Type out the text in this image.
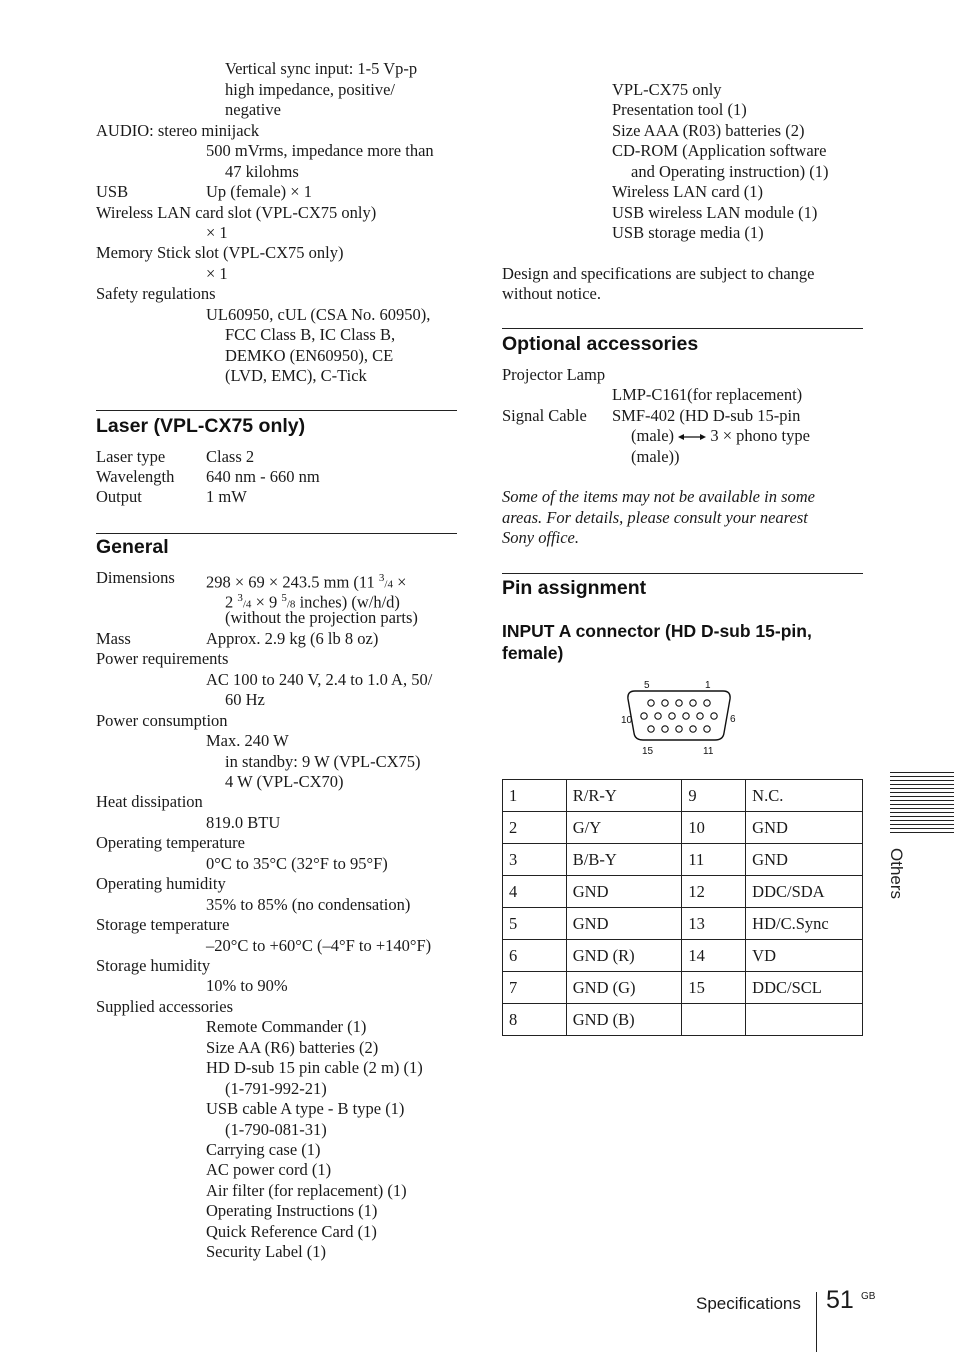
Vertical sync input: 1-5 Vp-p
high impedance, positive/
negative
AUDIO: stereo minijack
500 mVrms, impedance more than
47 kilohms
USB	Up (female) × 1
Wireless LAN card slot (VPL-CX75 only)
× 1
Memory Stick slot (VPL-CX75 only)
× 1
Safety regulations
UL60950, cUL (CSA No. 60950),
FCC Class B, IC Class B,
DEMKO (EN60950), CE
(LVD, EMC), C-Tick
Laser (VPL-CX75 only)
Laser type Class 2
Wavelength 640 nm - 660 nm
Output	1 mW
General
Dimensions 298 × 69 × 243.5 mm (11 $^3$/4 ×
2 $^3$/4 × 9 $^5$/8 inches) (w/h/d)
(without the projection parts)
Mass	Approx. 2.9 kg (6 lb 8 oz)
Power requirements
AC 100 to 240 V, 2.4 to 1.0 A, 50/
60 Hz
Power consumption
Max. 240 W
in standby: 9 W (VPL-CX75)
4 W (VPL-CX70)
Heat dissipation
819.0 BTU
Operating temperature
0°C to 35°C (32°F to 95°F)
Operating humidity
35% to 85% (no condensation)
Storage temperature
–20°C to +60°C (–4°F to +140°F)
Storage humidity
10% to 90%
Supplied accessories
Remote Commander (1)
Size AA (R6) batteries (2)
HD D-sub 15 pin cable (2 m) (1)
(1-791-992-21)
USB cable A type - B type (1)
(1-790-081-31)
Carrying case (1)
AC power cord (1)
Air filter (for replacement) (1)
Operating Instructions (1)
Quick Reference Card (1)
Security Label (1)
VPL-CX75 only
Presentation tool (1)
Size AAA (R03) batteries (2)
CD-ROM (Application software
and Operating instruction) (1)
Wireless LAN card (1)
USB wireless LAN module (1)
USB storage media (1)
Design and specifications are subject to change
without notice.
Optional accessories
Projector Lamp
LMP-C161(for replacement)
Signal Cable SMF-402 (HD D-sub 15-pin
(male)  3 × phono type
(male))
Some of the items may not be available in some
areas. For details, please consult your nearest
Sony office.
Pin assignment
INPUT A connector (HD D-sub 15-pin, female)
5	1
10	6
15	11
1	R/R-Y	9	N.C.
2	G/Y	10	GND
3	B/B-Y	11	GND
4	GND	12	DDC/SDA
5	GND	13	HD/C.Sync
6	GND (R)	14	VD
7	GND (G)	15	DDC/SCL
8	GND (B)		
Others
Specifications 51 GB
